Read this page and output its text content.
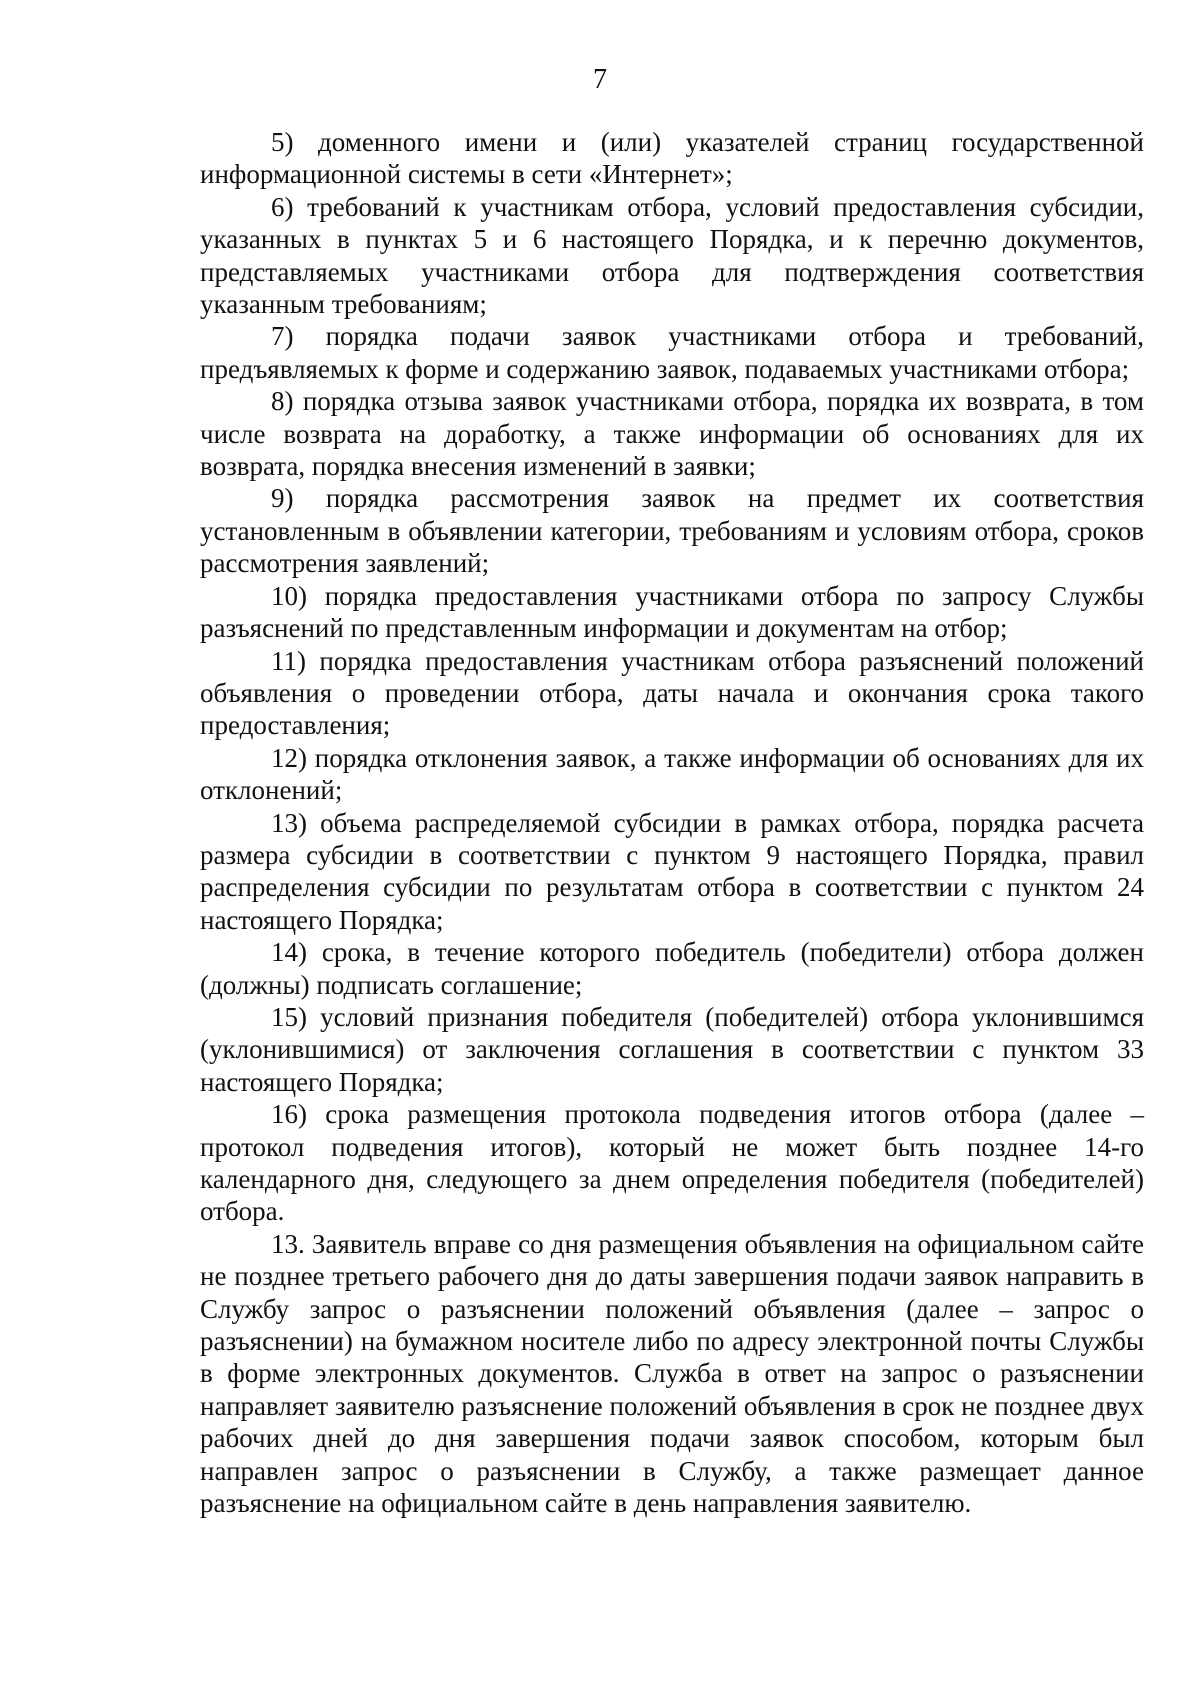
7

5) доменного имени и (или) указателей страниц государственной информационной системы в сети «Интернет»;

6) требований к участникам отбора, условий предоставления субсидии, указанных в пунктах 5 и 6 настоящего Порядка, и к перечню документов, представляемых участниками отбора для подтверждения соответствия указанным требованиям;

7) порядка подачи заявок участниками отбора и требований, предъявляемых к форме и содержанию заявок, подаваемых участниками отбора;

8) порядка отзыва заявок участниками отбора, порядка их возврата, в том числе возврата на доработку, а также информации об основаниях для их возврата, порядка внесения изменений в заявки;

9) порядка рассмотрения заявок на предмет их соответствия установленным в объявлении категории, требованиям и условиям отбора, сроков рассмотрения заявлений;

10) порядка предоставления участниками отбора по запросу Службы разъяснений по представленным информации и документам на отбор;

11) порядка предоставления участникам отбора разъяснений положений объявления о проведении отбора, даты начала и окончания срока такого предоставления;

12) порядка отклонения заявок, а также информации об основаниях для их отклонений;

13) объема распределяемой субсидии в рамках отбора, порядка расчета размера субсидии в соответствии с пунктом 9 настоящего Порядка, правил распределения субсидии по результатам отбора в соответствии с пунктом 24 настоящего Порядка;

14) срока, в течение которого победитель (победители) отбора должен (должны) подписать соглашение;

15) условий признания победителя (победителей) отбора уклонившимся (уклонившимися) от заключения соглашения в соответствии с пунктом 33 настоящего Порядка;

16) срока размещения протокола подведения итогов отбора (далее – протокол подведения итогов), который не может быть позднее 14-го календарного дня, следующего за днем определения победителя (победителей) отбора.

13. Заявитель вправе со дня размещения объявления на официальном сайте не позднее третьего рабочего дня до даты завершения подачи заявок направить в Службу запрос о разъяснении положений объявления (далее – запрос о разъяснении) на бумажном носителе либо по адресу электронной почты Службы в форме электронных документов. Служба в ответ на запрос о разъяснении направляет заявителю разъяснение положений объявления в срок не позднее двух рабочих дней до дня завершения подачи заявок способом, которым был направлен запрос о разъяснении в Службу, а также размещает данное разъяснение на официальном сайте в день направления заявителю.
